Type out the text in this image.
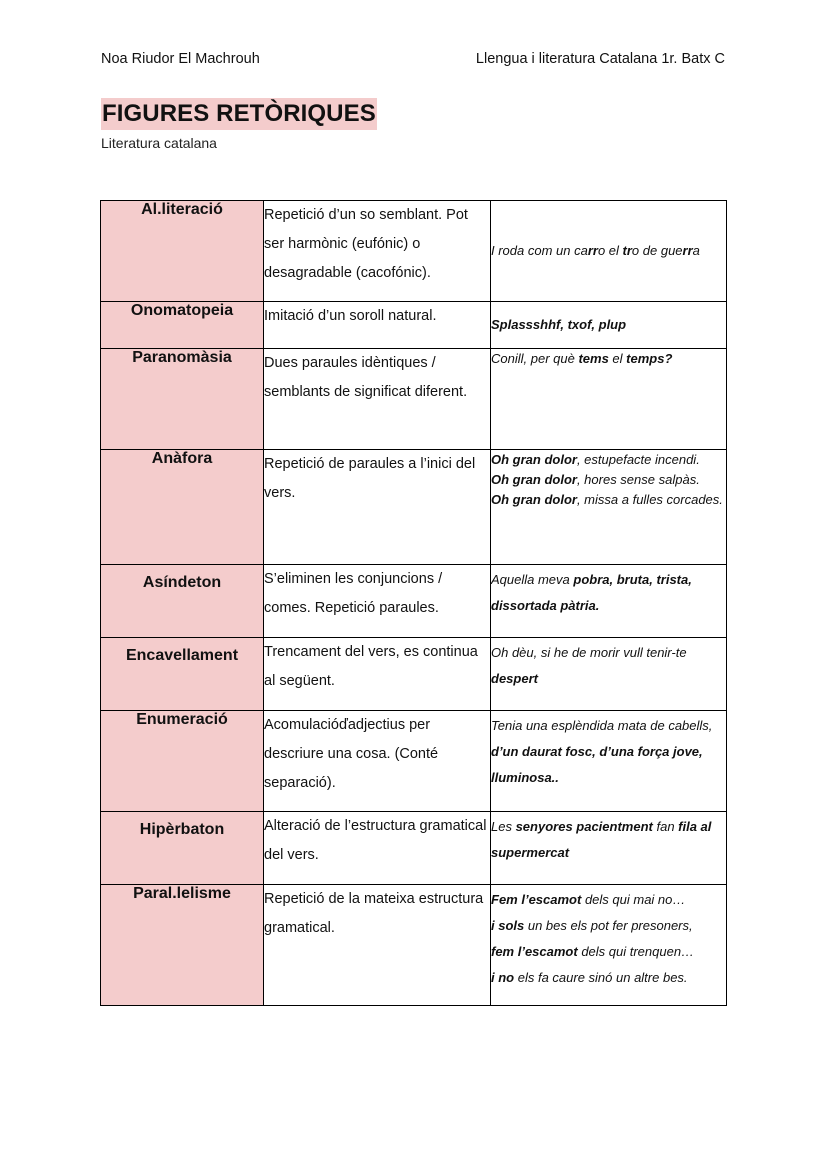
Noa Riudor El Machrouh	Llengua i literatura Catalana 1r. Batx C
FIGURES RETÒRIQUES
Literatura catalana
Al.literació	Repetició d’un so semblant. Pot ser harmònic (eufónic) o desagradable (cacofónic).	I roda com un carro el tro de guerra

Onomatopeia	Imitació d’un soroll natural.	Splassshhf, txof, plup

Paranomàsia	Dues paraules idèntiques / semblants de significat diferent.	Conill, per què tems el temps?

Anàfora	Repetició de paraules a l’inici del vers.	Oh gran dolor, estupefacte incendi.
Oh gran dolor, hores sense salpàs.
Oh gran dolor, missa a fulles corcades.

Asíndeton	S’eliminen les conjuncions / comes. Repetició paraules.	Aquella meva pobra, bruta, trista, dissortada pàtria.

Encavellament	Trencament del vers, es continua al següent.	Oh dèu, si he de morir vull tenir-te despert

Enumeració	Acomulacióďadjectius per descriure una cosa. (Conté separació).	Tenia una esplèndida mata de cabells, d’un daurat fosc, d’una força jove, lluminosa..

Hipèrbaton	Alteració de l’estructura gramatical del vers.	Les senyores pacientment fan fila al supermercat

Paral.lelisme	Repetició de la mateixa estructura gramatical.	Fem l’escamot dels qui mai no…
i sols un bes els pot fer presoners,
fem l’escamot dels qui trenquen…
i no els fa caure sinó un altre bes.
